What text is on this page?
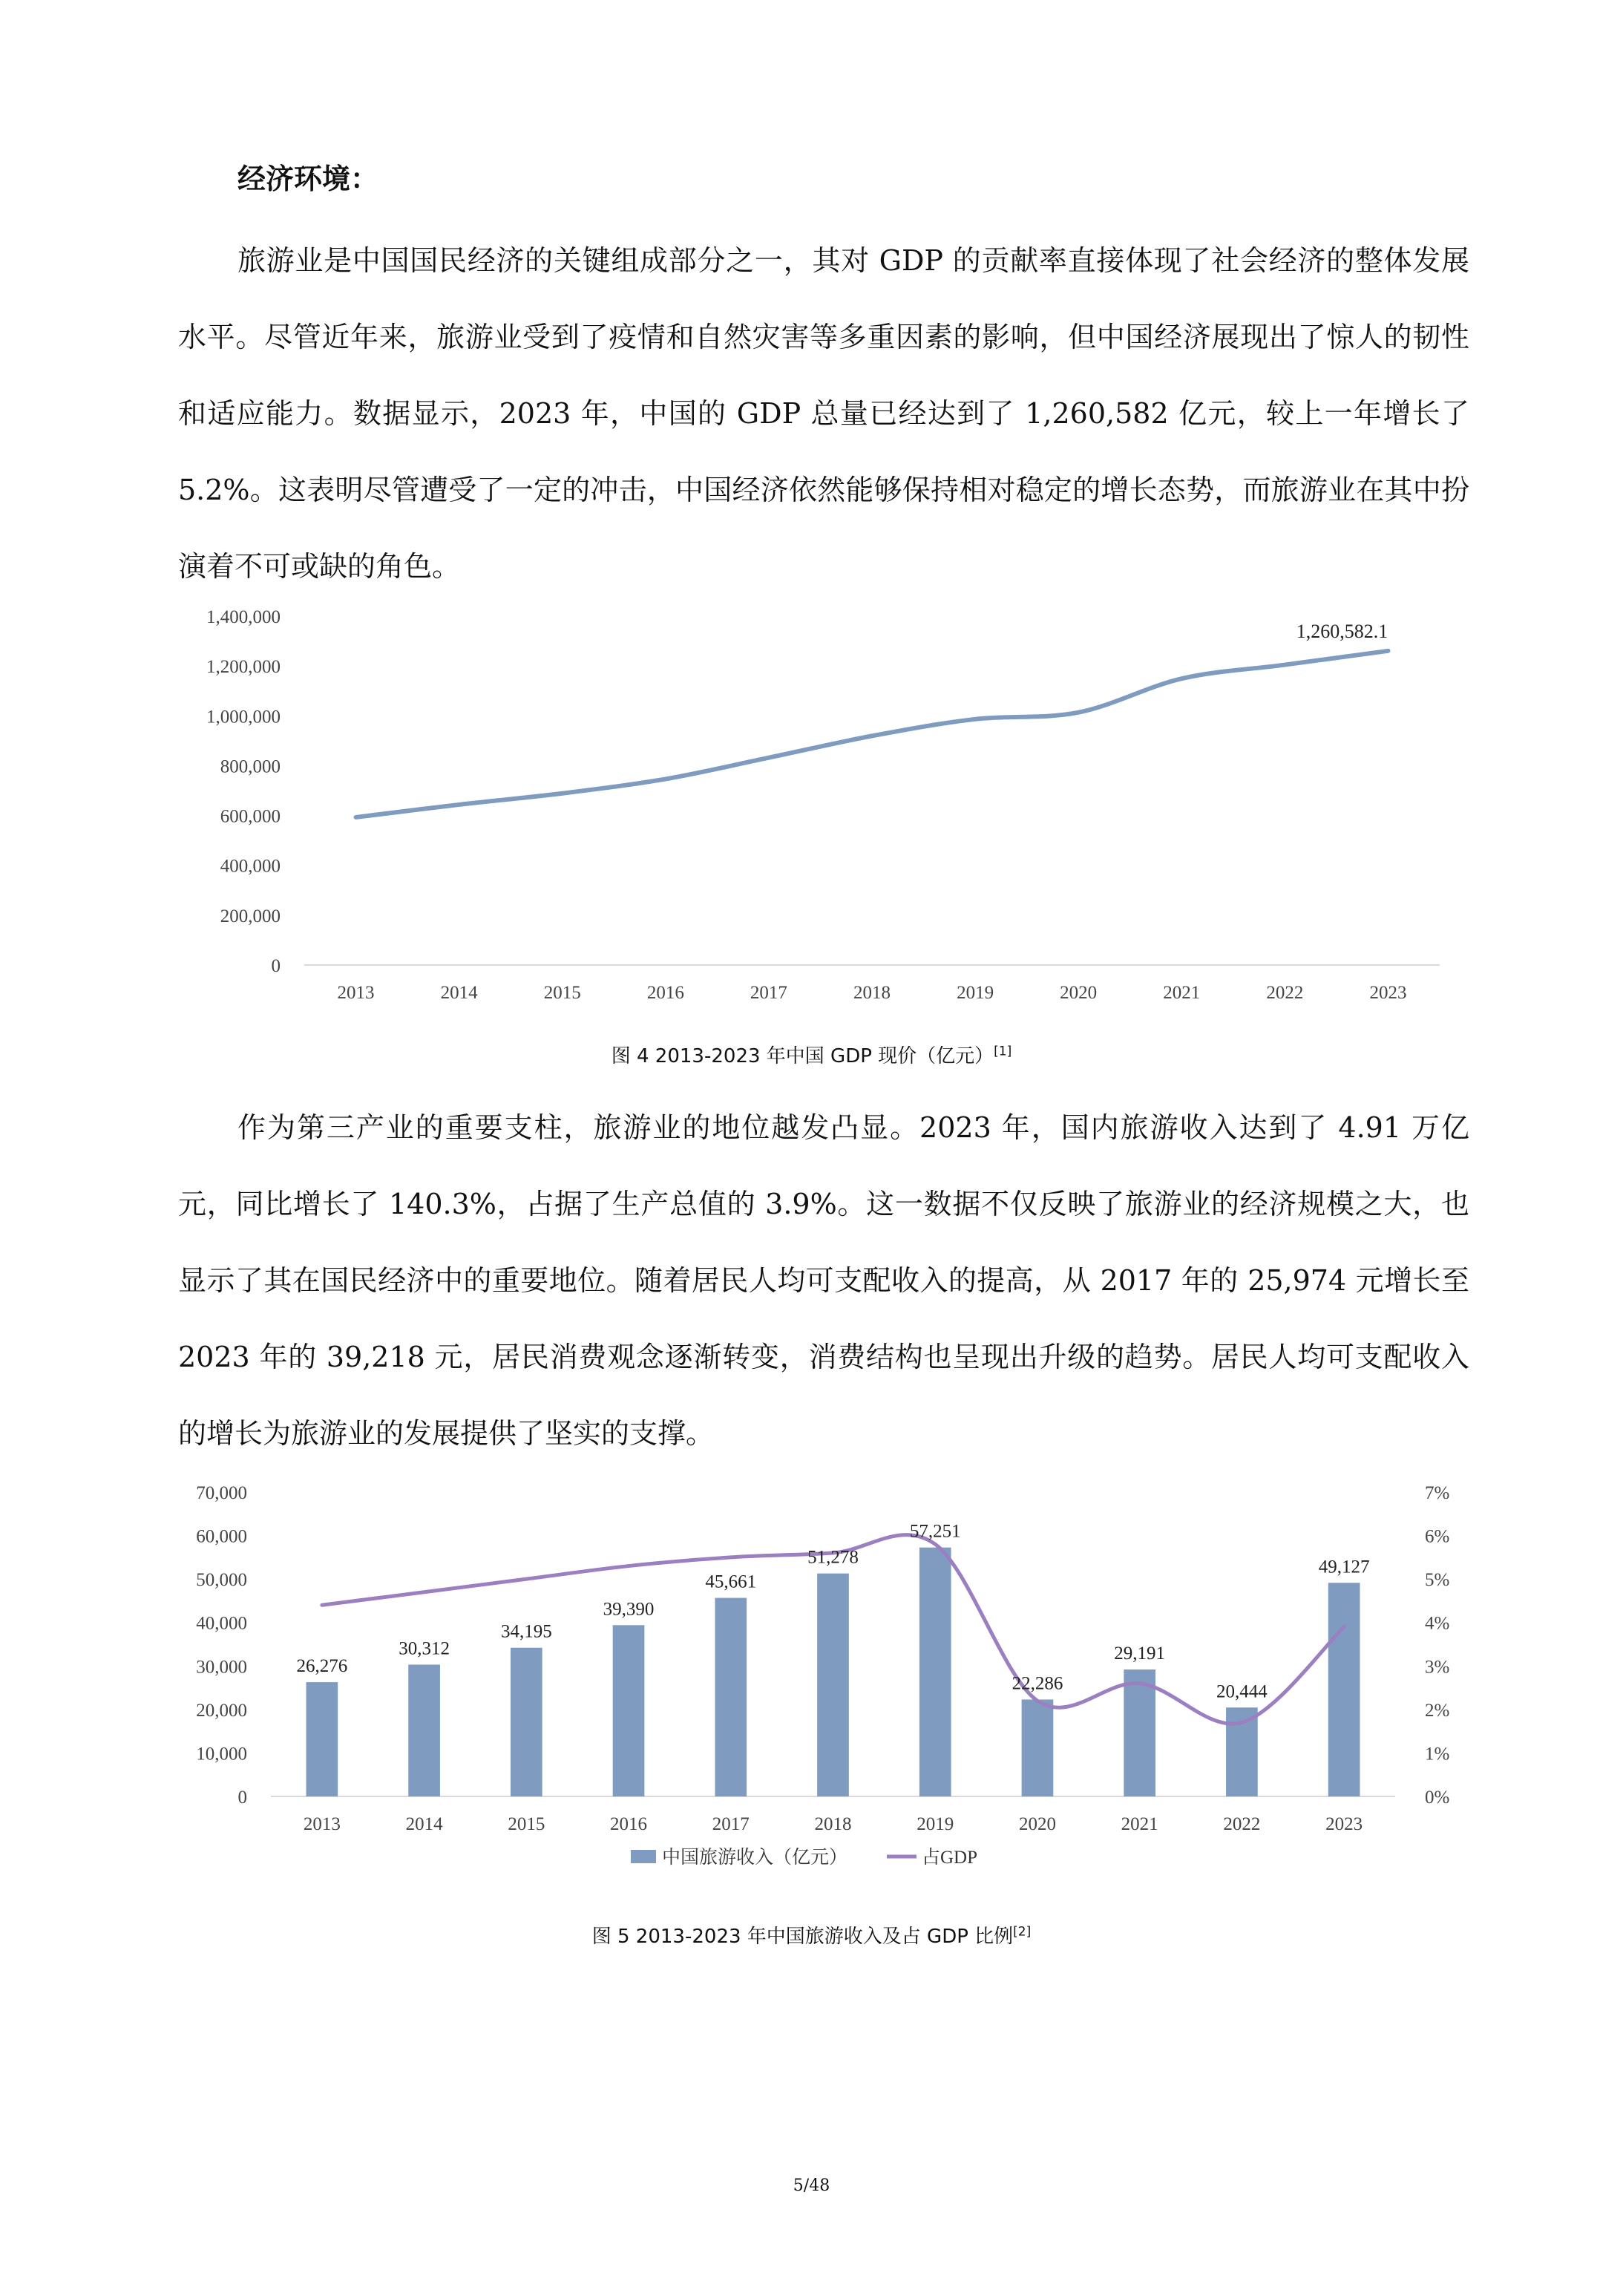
经济环境：

旅游业是中国国民经济的关键组成部分之一，其对 GDP 的贡献率直接体现了社会经济的整体发展水平。尽管近年来，旅游业受到了疫情和自然灾害等多重因素的影响，但中国经济展现出了惊人的韧性和适应能力。数据显示，2023 年，中国的 GDP 总量已经达到了 1,260,582 亿元，较上一年增长了 5.2%。这表明尽管遭受了一定的冲击，中国经济依然能够保持相对稳定的增长态势，而旅游业在其中扮演着不可或缺的角色。

0
200,000
400,000
600,000
800,000
1,000,000
1,200,000
1,400,000
2013	2014	2015	2016	2017	2018	2019	2020	2021	2022	2023
1,260,582.1
图 4 2013-2023 年中国 GDP 现价（亿元）[1]

作为第三产业的重要支柱，旅游业的地位越发凸显。2023 年，国内旅游收入达到了 4.91 万亿元，同比增长了 140.3%，占据了生产总值的 3.9%。这一数据不仅反映了旅游业的经济规模之大，也显示了其在国民经济中的重要地位。随着居民人均可支配收入的提高，从 2017 年的 25,974 元增长至 2023 年的 39,218 元，居民消费观念逐渐转变，消费结构也呈现出升级的趋势。居民人均可支配收入的增长为旅游业的发展提供了坚实的支撑。

0
10,000
20,000
30,000
40,000
50,000
60,000
70,000
0%
1%
2%
3%
4%
5%
6%
7%
2013	2014	2015	2016	2017	2018	2019	2020	2021	2022	2023
26,276
30,312
34,195
39,390
45,661
51,278
57,251
22,286
29,191
20,444
49,127
中国旅游收入（亿元）	占GDP
图 5 2013-2023 年中国旅游收入及占 GDP 比例[2]
5/48
